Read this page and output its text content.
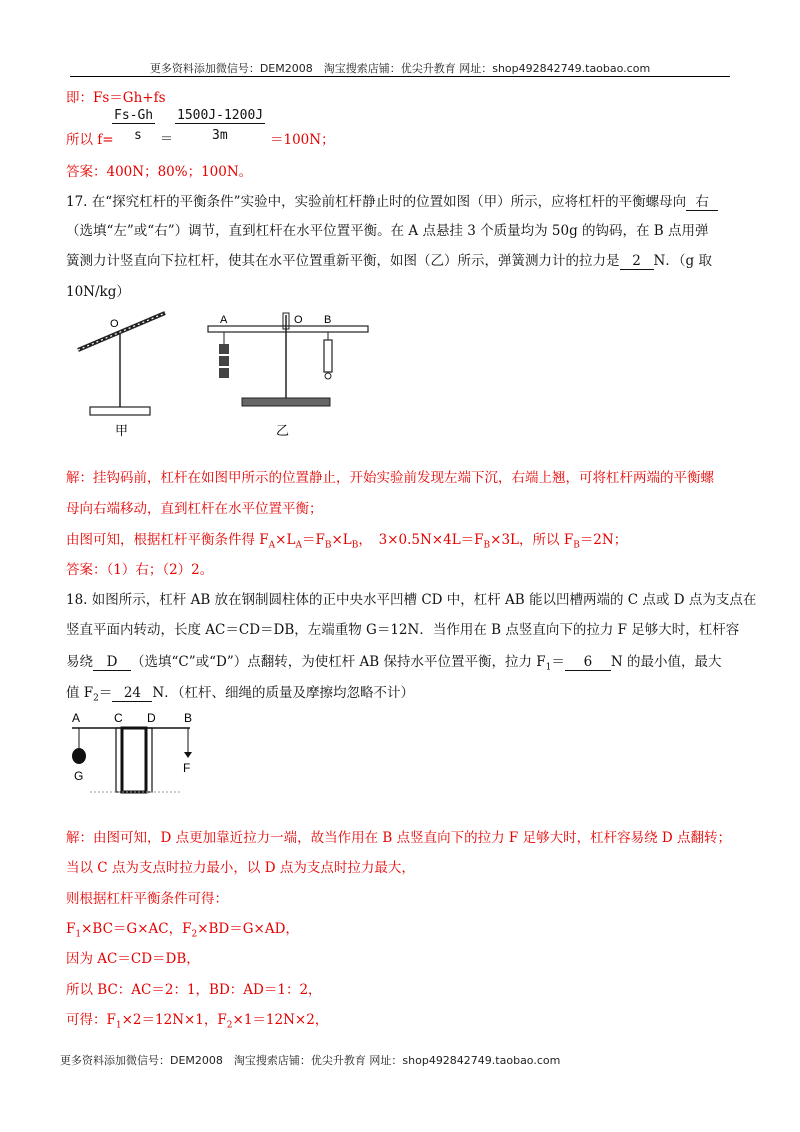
更多资料添加微信号：DEM2008　淘宝搜索店铺：优尖升教育 网址：shop492842749.taobao.com
即：Fs＝Gh+fs
Fs-Gh 1500J-1200J
所以 f= s ＝	3m	＝100N；
答案：400N；80%；100N。
17. 在“探究杠杆的平衡条件”实验中，实验前杠杆静止时的位置如图（甲）所示，应将杠杆的平衡螺母向 右
（选填“左”或“右”）调节，直到杠杆在水平位置平衡。在 A 点悬挂 3 个质量均为 50g 的钩码，在 B 点用弹
簧测力计竖直向下拉杠杆，使其在水平位置重新平衡，如图（乙）所示，弹簧测力计的拉力是 2 N．（g 取
10N/kg）
O
甲
A	O B
乙
解：挂钩码前，杠杆在如图甲所示的位置静止，开始实验前发现左端下沉，右端上翘，可将杠杆两端的平衡螺
母向右端移动，直到杠杆在水平位置平衡；
由图可知，根据杠杆平衡条件得 $F_A\times L_A=F_B\times L_B$，　$3\times 0.5N\times 4L=F_B\times 3L$，所以 $F_B=2N$；
答案：（1）右；（2）2。
18. 如图所示，杠杆 AB 放在钢制圆柱体的正中央水平凹槽 CD 中，杠杆 AB 能以凹槽两端的 C 点或 D 点为支点在
竖直平面内转动，长度 AC＝CD＝DB，左端重物 G＝12N．当作用在 B 点竖直向下的拉力 F 足够大时，杠杆容
易绕 D （选填“C”或“D”）点翻转，为使杠杆 AB 保持水平位置平衡，拉力 $F_1= 6$ N 的最小值，最大
值 $F_2= 24$ N．（杠杆、细绳的质量及摩擦均忽略不计）
A	C D B
G
F
解：由图可知，D 点更加靠近拉力一端，故当作用在 B 点竖直向下的拉力 F 足够大时，杠杆容易绕 D 点翻转；
当以 C 点为支点时拉力最小，以 D 点为支点时拉力最大，
则根据杠杆平衡条件可得：
$F_1\times BC=G\times AC$，$F_2\times BD=G\times AD$，
因为 AC＝CD＝DB，
所以 BC：AC＝2：1，BD：AD＝1：2，
可得：$F_1\times 2=12N\times 1$，$F_2\times 1=12N\times 2$，
更多资料添加微信号：DEM2008　淘宝搜索店铺：优尖升教育 网址：shop492842749.taobao.com
